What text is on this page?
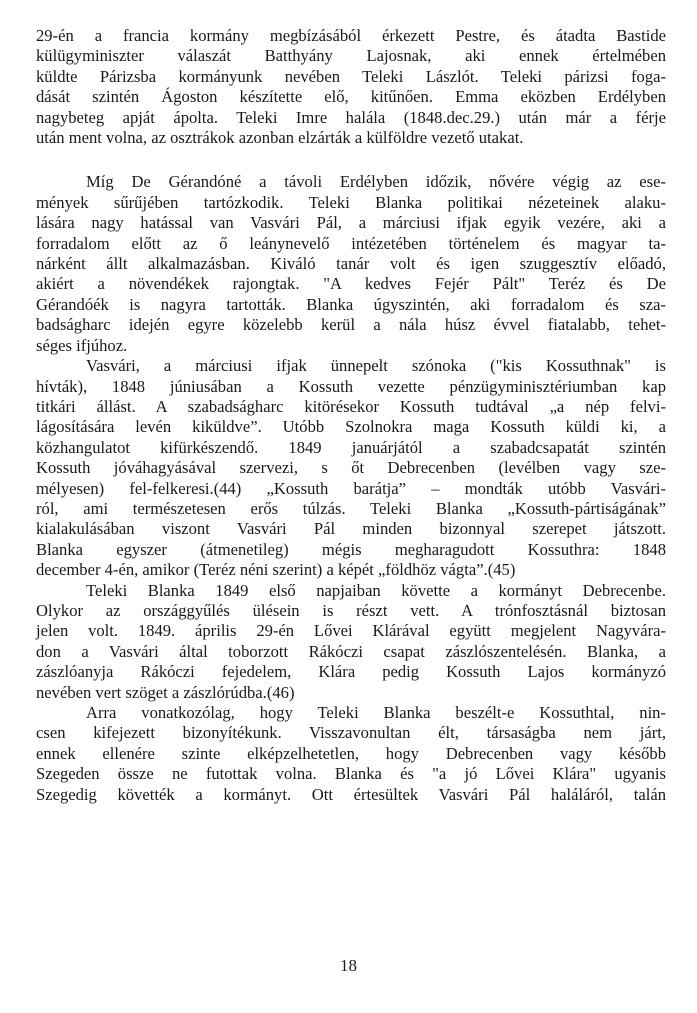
29-én a francia kormány megbízásából érkezett Pestre, és átadta Bastide
külügyminiszter válaszát Batthyány Lajosnak, aki ennek értelmében
küldte Párizsba kormányunk nevében Teleki Lászlót. Teleki párizsi foga-
dását szintén Ágoston készítette elő, kitűnően. Emma eközben Erdélyben
nagybeteg apját ápolta. Teleki Imre halála (1848.dec.29.) után már a férje
után ment volna, az osztrákok azonban elzárták a külföldre vezető utakat.
Míg De Gérandóné a távoli Erdélyben időzik, nővére végig az ese-
mények sűrűjében tartózkodik. Teleki Blanka politikai nézeteinek alaku-
lására nagy hatással van Vasvári Pál, a márciusi ifjak egyik vezére, aki a
forradalom előtt az ő leánynevelő intézetében történelem és magyar ta-
nárként állt alkalmazásban. Kiváló tanár volt és igen szuggesztív előadó,
akiért a növendékek rajongtak. "A kedves Fejér Pált" Teréz és De
Gérandóék is nagyra tartották. Blanka úgyszintén, aki forradalom és sza-
badságharc idején egyre közelebb kerül a nála húsz évvel fiatalabb, tehet-
séges ifjúhoz.
Vasvári, a márciusi ifjak ünnepelt szónoka ("kis Kossuthnak" is
hívták), 1848 júniusában a Kossuth vezette pénzügyminisztériumban kap
titkári állást. A szabadságharc kitörésekor Kossuth tudtával „a nép felvi-
lágosítására levén kiküldve”. Utóbb Szolnokra maga Kossuth küldi ki, a
közhangulatot kifürkészendő. 1849 januárjától a szabadcsapatát szintén
Kossuth jóváhagyásával szervezi, s őt Debrecenben (levélben vagy sze-
mélyesen) fel-felkeresi.(44) „Kossuth barátja” – mondták utóbb Vasvári-
ról, ami természetesen erős túlzás. Teleki Blanka „Kossuth-pártiságának”
kialakulásában viszont Vasvári Pál minden bizonnyal szerepet játszott.
Blanka egyszer (átmenetileg) mégis megharagudott Kossuthra: 1848
december 4-én, amikor (Teréz néni szerint) a képét „földhöz vágta”.(45)
Teleki Blanka 1849 első napjaiban követte a kormányt Debrecenbe.
Olykor az országgyűlés ülésein is részt vett. A trónfosztásnál biztosan
jelen volt. 1849. április 29-én Lővei Klárával együtt megjelent Nagyvára-
don a Vasvári által toborzott Rákóczi csapat zászlószentelésén. Blanka, a
zászlóanyja Rákóczi fejedelem, Klára pedig Kossuth Lajos kormányzó
nevében vert szöget a zászlórúdba.(46)
Arra vonatkozólag, hogy Teleki Blanka beszélt-e Kossuthtal, nin-
csen kifejezett bizonyítékunk. Visszavonultan élt, társaságba nem járt,
ennek ellenére szinte elképzelhetetlen, hogy Debrecenben vagy később
Szegeden össze ne futottak volna. Blanka és "a jó Lővei Klára" ugyanis
Szegedig követték a kormányt. Ott értesültek Vasvári Pál haláláról, talán
18
